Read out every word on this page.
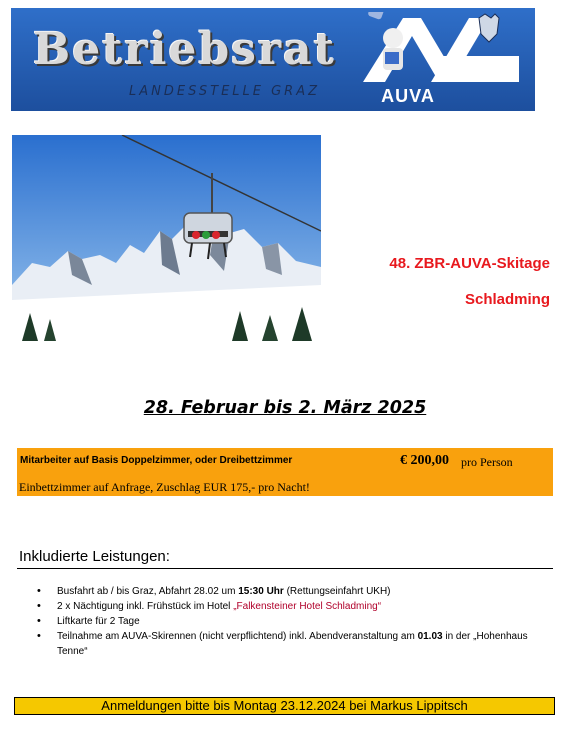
Betriebsrat
LANDESSTELLE GRAZ	AUVA
48. ZBR-AUVA-Skitage
Schladming
28. Februar bis 2. März 2025
Mitarbeiter auf Basis Doppelzimmer, oder Dreibettzimmer	€ 200,00 pro Person
Einbettzimmer auf Anfrage, Zuschlag EUR 175,- pro Nacht!
Inkludierte Leistungen:
• Busfahrt ab / bis Graz, Abfahrt 28.02 um 15:30 Uhr (Rettungseinfahrt UKH)
• 2 x Nächtigung inkl. Frühstück im Hotel „Falkensteiner Hotel Schladming“
• Liftkarte für 2 Tage
• Teilnahme am AUVA-Skirennen (nicht verpflichtend) inkl. Abendveranstaltung am 01.03 in der „Hohenhaus Tenne“
Anmeldungen bitte bis Montag 23.12.2024 bei Markus Lippitsch
